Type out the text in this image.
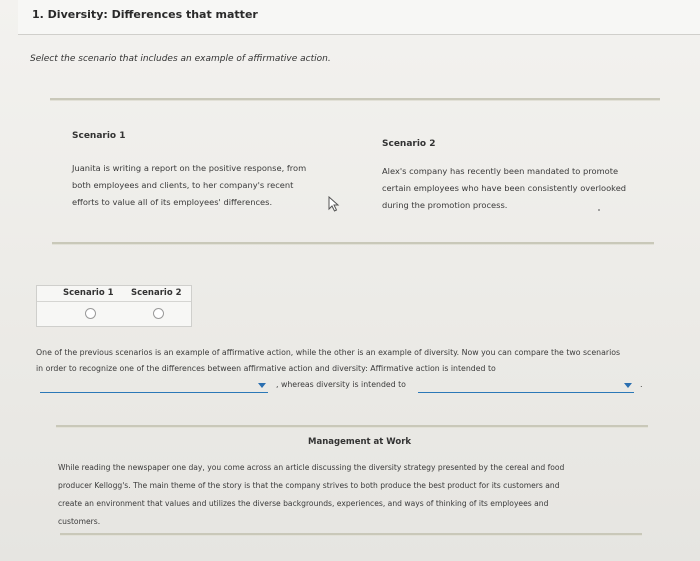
1. Diversity: Differences that matter
Select the scenario that includes an example of affirmative action.
Scenario 1
Juanita is writing a report on the positive response, from
both employees and clients, to her company's recent
efforts to value all of its employees' differences.
Scenario 2
Alex's company has recently been mandated to promote
certain employees who have been consistently overlooked
during the promotion process.
Scenario 1 Scenario 2
One of the previous scenarios is an example of affirmative action, while the other is an example of diversity. Now you can compare the two scenarios
in order to recognize one of the differences between affirmative action and diversity: Affirmative action is intended to
, whereas diversity is intended to	.
Management at Work
While reading the newspaper one day, you come across an article discussing the diversity strategy presented by the cereal and food
producer Kellogg's. The main theme of the story is that the company strives to both produce the best product for its customers and
create an environment that values and utilizes the diverse backgrounds, experiences, and ways of thinking of its employees and
customers.
